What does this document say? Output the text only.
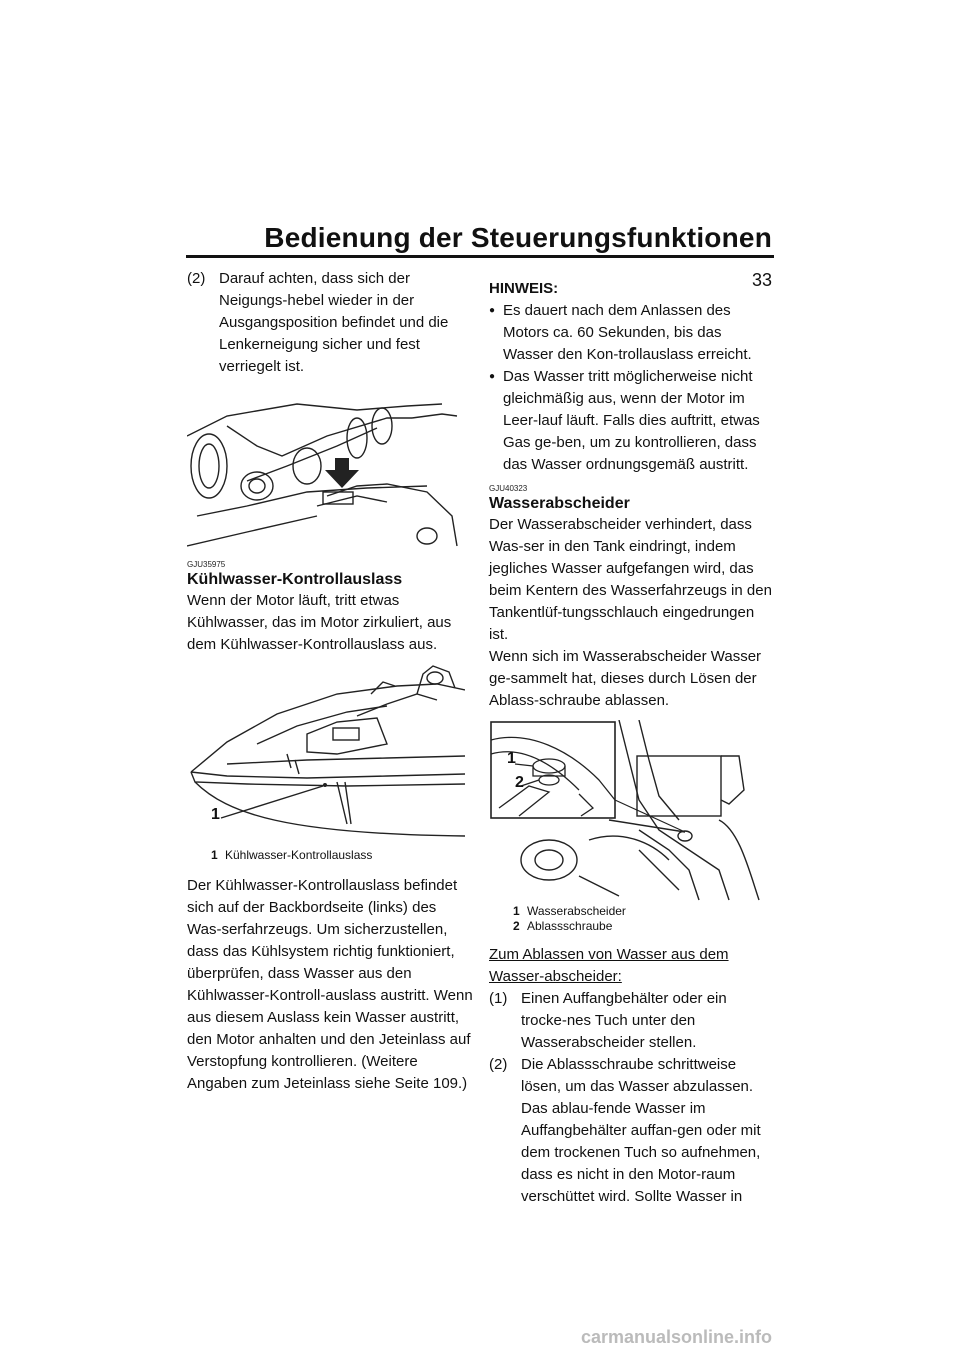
Bedienung der Steuerungsfunktionen
33
(2) Darauf achten, dass sich der Neigungs-hebel wieder in der Ausgangsposition befindet und die Lenkerneigung sicher und fest verriegelt ist.
GJU35975
Kühlwasser-Kontrollauslass

Wenn der Motor läuft, tritt etwas Kühlwasser, das im Motor zirkuliert, aus dem Kühlwasser-Kontrollauslass aus.

1
1 Kühlwasser-Kontrollauslass

Der Kühlwasser-Kontrollauslass befindet sich auf der Backbordseite (links) des Was-serfahrzeugs. Um sicherzustellen, dass das Kühlsystem richtig funktioniert, überprüfen, dass Wasser aus den Kühlwasser-Kontroll-auslass austritt. Wenn aus diesem Auslass kein Wasser austritt, den Motor anhalten und den Jeteinlass auf Verstopfung kontrollieren. (Weitere Angaben zum Jeteinlass siehe Seite 109.)

HINWEIS:
● Es dauert nach dem Anlassen des Motors ca. 60 Sekunden, bis das Wasser den Kon-trollauslass erreicht.
● Das Wasser tritt möglicherweise nicht gleichmäßig aus, wenn der Motor im Leer-lauf läuft. Falls dies auftritt, etwas Gas ge-ben, um zu kontrollieren, dass das Wasser ordnungsgemäß austritt.
GJU40323
Wasserabscheider

Der Wasserabscheider verhindert, dass Was-ser in den Tank eindringt, indem jegliches Wasser aufgefangen wird, das beim Kentern des Wasserfahrzeugs in den Tankentlüf-tungsschlauch eingedrungen ist.

Wenn sich im Wasserabscheider Wasser ge-sammelt hat, dieses durch Lösen der Ablass-schraube ablassen.

1
2
1 Wasserabscheider
2 Ablassschraube

Zum Ablassen von Wasser aus dem Wasser-abscheider:

(1) Einen Auffangbehälter oder ein trocke-nes Tuch unter den Wasserabscheider stellen.
(2) Die Ablassschraube schrittweise lösen, um das Wasser abzulassen. Das ablau-fende Wasser im Auffangbehälter auffan-gen oder mit dem trockenen Tuch so aufnehmen, dass es nicht in den Motor-raum verschüttet wird. Sollte Wasser in
carmanualsonline.info
